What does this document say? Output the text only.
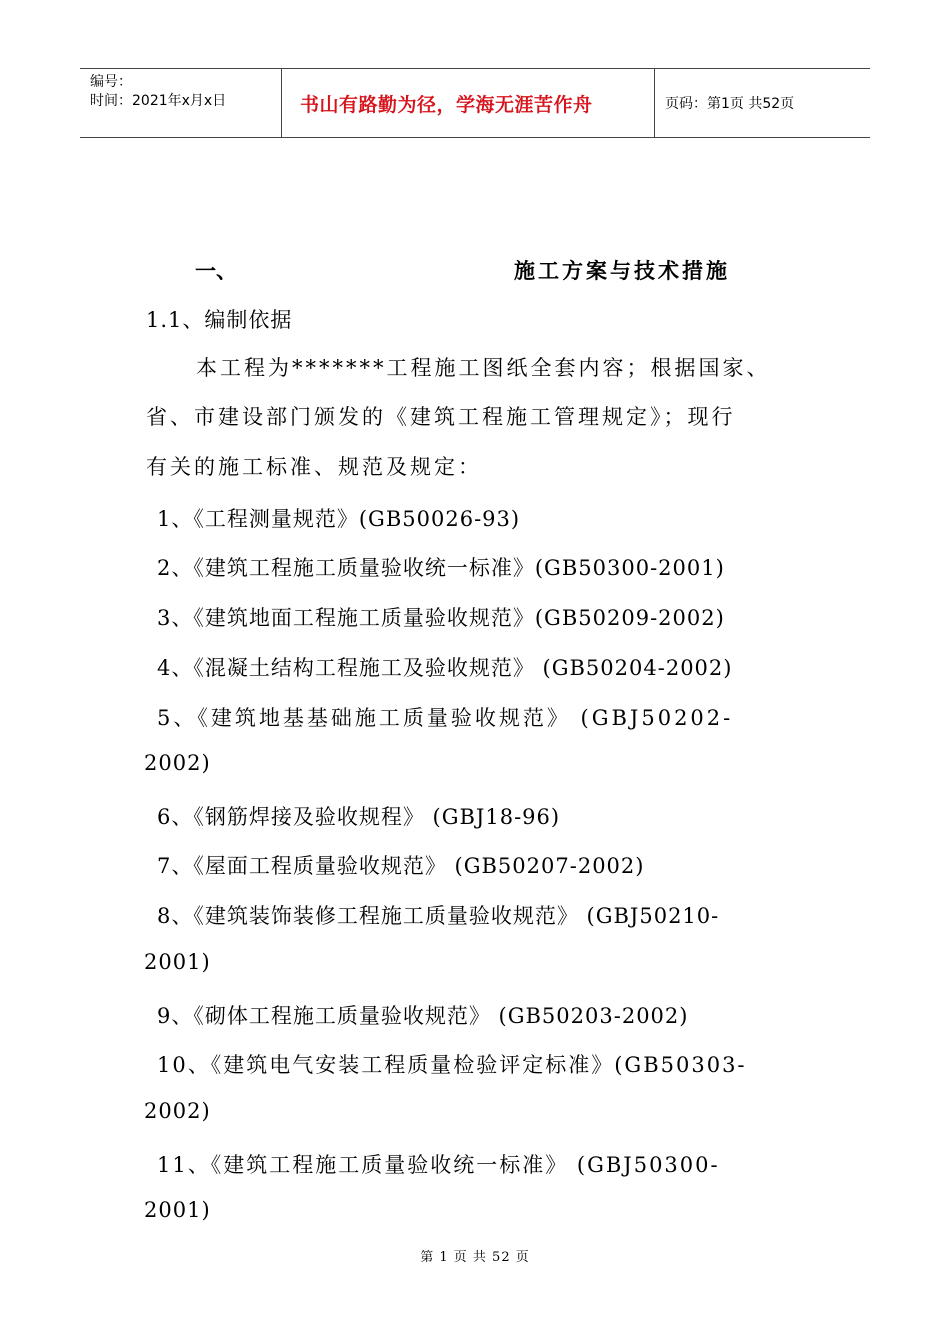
编号：
时间：2021年x月x日	书山有路勤为径，学海无涯苦作舟	页码：第1页 共52页
一、	施工方案与技术措施
1.1、编制依据
本工程为*******工程施工图纸全套内容；根据国家、
省、市建设部门颁发的《建筑工程施工管理规定》；现行
有关的施工标准、规范及规定：
1、《工程测量规范》(GB50026-93)
2、《建筑工程施工质量验收统一标准》(GB50300-2001)
3、《建筑地面工程施工质量验收规范》(GB50209-2002)
4、《混凝土结构工程施工及验收规范》 (GB50204-2002)
5、《建筑地基基础施工质量验收规范》 (GBJ50202-
2002)
6、《钢筋焊接及验收规程》 (GBJ18-96)
7、《屋面工程质量验收规范》 (GB50207-2002)
8、《建筑装饰装修工程施工质量验收规范》 (GBJ50210-
2001)
9、《砌体工程施工质量验收规范》 (GB50203-2002)
10、《建筑电气安装工程质量检验评定标准》(GB50303-
2002)
11、《建筑工程施工质量验收统一标准》 (GBJ50300-
2001)
第 1 页 共 52 页
